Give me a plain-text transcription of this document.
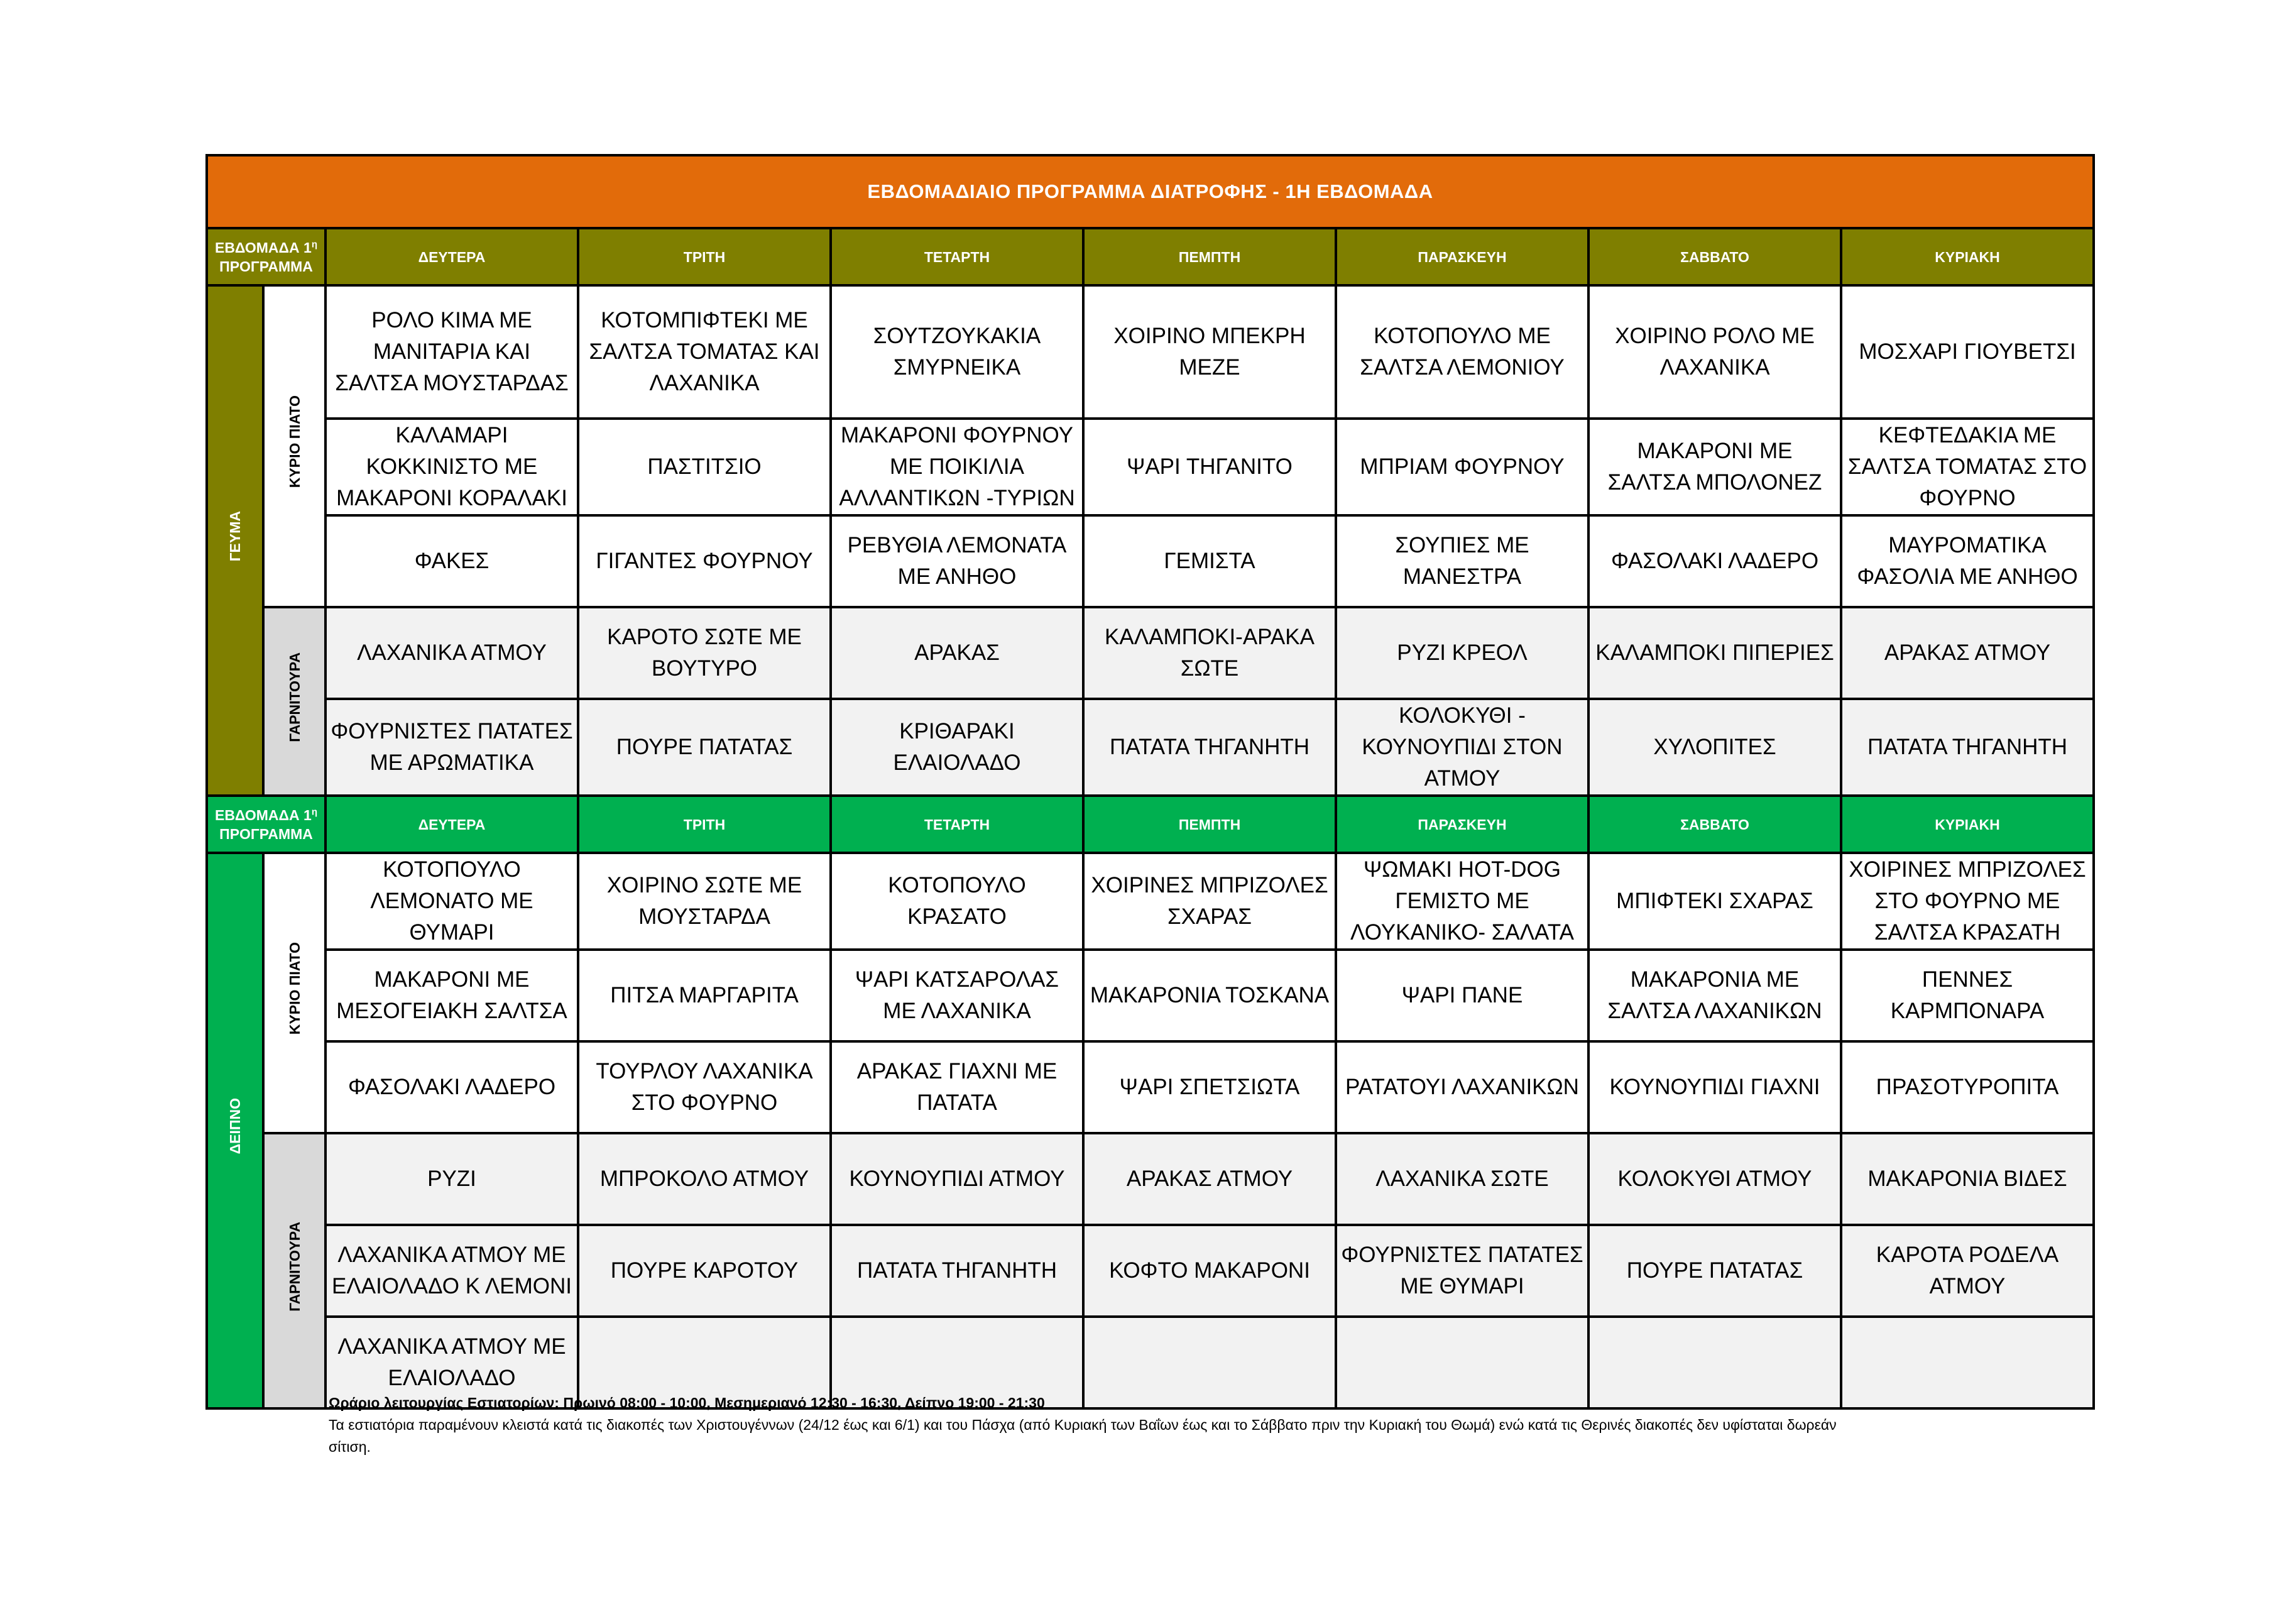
ΕΒΔΟΜΑΔΙΑΙΟ ΠΡΟΓΡΑΜΜΑ ΔΙΑΤΡΟΦΗΣ - 1Η ΕΒΔΟΜΑΔΑ								
ΕΒΔΟΜΑΔΑ $1^\eta$
ΠΡΟΓΡΑΜΜΑ		ΔΕΥΤΕΡΑ	ΤΡΙΤΗ	ΤΕΤΑΡΤΗ	ΠΕΜΠΤΗ	ΠΑΡΑΣΚΕΥΗ	ΣΑΒΒΑΤΟ	ΚΥΡΙΑΚΗ
ΓΕΥΜΑ	ΚΥΡΙΟ ΠΙΑΤΟ	ΡΟΛΟ ΚΙΜΑ ΜΕ ΜΑΝΙΤΑΡΙΑ ΚΑΙ ΣΑΛΤΣΑ ΜΟΥΣΤΑΡΔΑΣ	ΚΟΤΟΜΠΙΦΤΕΚΙ ΜΕ ΣΑΛΤΣΑ ΤΟΜΑΤΑΣ ΚΑΙ ΛΑΧΑΝΙΚΑ	ΣΟΥΤΖΟΥΚΑΚΙΑ ΣΜΥΡΝΕΙΚΑ	ΧΟΙΡΙΝΟ ΜΠΕΚΡΗ ΜΕΖΕ	ΚΟΤΟΠΟΥΛΟ ΜΕ ΣΑΛΤΣΑ ΛΕΜΟΝΙΟΥ	ΧΟΙΡΙΝΟ ΡΟΛΟ ΜΕ ΛΑΧΑΝΙΚΑ	ΜΟΣΧΑΡΙ ΓΙΟΥΒΕΤΣΙ
		ΚΑΛΑΜΑΡΙ ΚΟΚΚΙΝΙΣΤΟ ΜΕ ΜΑΚΑΡΟΝΙ ΚΟΡΑΛΑΚΙ	ΠΑΣΤΙΤΣΙΟ	ΜΑΚΑΡΟΝΙ ΦΟΥΡΝΟΥ ΜΕ ΠΟΙΚΙΛΙΑ ΑΛΛΑΝΤΙΚΩΝ -ΤΥΡΙΩΝ	ΨΑΡΙ ΤΗΓΑΝΙΤΟ	ΜΠΡΙΑΜ ΦΟΥΡΝΟΥ	ΜΑΚΑΡΟΝΙ ΜΕ ΣΑΛΤΣΑ ΜΠΟΛΟΝΕΖ	ΚΕΦΤΕΔΑΚΙΑ ΜΕ ΣΑΛΤΣΑ ΤΟΜΑΤΑΣ ΣΤΟ ΦΟΥΡΝΟ
		ΦΑΚΕΣ	ΓΙΓΑΝΤΕΣ ΦΟΥΡΝΟΥ	ΡΕΒΥΘΙΑ ΛΕΜΟΝΑΤΑ ΜΕ ΑΝΗΘΟ	ΓΕΜΙΣΤΑ	ΣΟΥΠΙΕΣ ΜΕ ΜΑΝΕΣΤΡΑ	ΦΑΣΟΛΑΚΙ ΛΑΔΕΡΟ	ΜΑΥΡΟΜΑΤΙΚΑ ΦΑΣΟΛΙΑ ΜΕ ΑΝΗΘΟ
	ΓΑΡΝΙΤΟΥΡΑ	ΛΑΧΑΝΙΚΑ ΑΤΜΟΥ	ΚΑΡΟΤΟ ΣΩΤΕ ΜΕ ΒΟΥΤΥΡΟ	ΑΡΑΚΑΣ	ΚΑΛΑΜΠΟΚΙ-ΑΡΑΚΑ ΣΩΤΕ	ΡΥΖΙ ΚΡΕΟΛ	ΚΑΛΑΜΠΟΚΙ ΠΙΠΕΡΙΕΣ	ΑΡΑΚΑΣ ΑΤΜΟΥ
		ΦΟΥΡΝΙΣΤΕΣ ΠΑΤΑΤΕΣ ΜΕ ΑΡΩΜΑΤΙΚΑ	ΠΟΥΡΕ ΠΑΤΑΤΑΣ	ΚΡΙΘΑΡΑΚΙ ΕΛΑΙΟΛΑΔΟ	ΠΑΤΑΤΑ ΤΗΓΑΝΗΤΗ	ΚΟΛΟΚΥΘΙ - ΚΟΥΝΟΥΠΙΔΙ ΣΤΟΝ ΑΤΜΟΥ	ΧΥΛΟΠΙΤΕΣ	ΠΑΤΑΤΑ ΤΗΓΑΝΗΤΗ
ΕΒΔΟΜΑΔΑ $1^\eta$
ΠΡΟΓΡΑΜΜΑ		ΔΕΥΤΕΡΑ	ΤΡΙΤΗ	ΤΕΤΑΡΤΗ	ΠΕΜΠΤΗ	ΠΑΡΑΣΚΕΥΗ	ΣΑΒΒΑΤΟ	ΚΥΡΙΑΚΗ
ΔΕΙΠΝΟ	ΚΥΡΙΟ ΠΙΑΤΟ	ΚΟΤΟΠΟΥΛΟ ΛΕΜΟΝΑΤΟ ΜΕ ΘΥΜΑΡΙ	ΧΟΙΡΙΝΟ ΣΩΤΕ ΜΕ ΜΟΥΣΤΑΡΔΑ	ΚΟΤΟΠΟΥΛΟ ΚΡΑΣΑΤΟ	ΧΟΙΡΙΝΕΣ ΜΠΡΙΖΟΛΕΣ ΣΧΑΡΑΣ	ΨΩΜΑΚΙ HOT-DOG ΓΕΜΙΣΤΟ ΜΕ ΛΟΥΚΑΝΙΚΟ- ΣΑΛΑΤΑ	ΜΠΙΦΤΕΚΙ ΣΧΑΡΑΣ	ΧΟΙΡΙΝΕΣ ΜΠΡΙΖΟΛΕΣ ΣΤΟ ΦΟΥΡΝΟ ΜΕ ΣΑΛΤΣΑ ΚΡΑΣΑΤΗ
		ΜΑΚΑΡΟΝΙ ΜΕ ΜΕΣΟΓΕΙΑΚΗ ΣΑΛΤΣΑ	ΠΙΤΣΑ ΜΑΡΓΑΡΙΤΑ	ΨΑΡΙ ΚΑΤΣΑΡΟΛΑΣ ΜΕ ΛΑΧΑΝΙΚΑ	ΜΑΚΑΡΟΝΙΑ ΤΟΣΚΑΝΑ	ΨΑΡΙ ΠΑΝΕ	ΜΑΚΑΡΟΝΙΑ ΜΕ ΣΑΛΤΣΑ ΛΑΧΑΝΙΚΩΝ	ΠΕΝΝΕΣ ΚΑΡΜΠΟΝΑΡΑ
		ΦΑΣΟΛΑΚΙ ΛΑΔΕΡΟ	ΤΟΥΡΛΟΥ ΛΑΧΑΝΙΚΑ ΣΤΟ ΦΟΥΡΝΟ	ΑΡΑΚΑΣ ΓΙΑΧΝΙ ΜΕ ΠΑΤΑΤΑ	ΨΑΡΙ ΣΠΕΤΣΙΩΤΑ	ΡΑΤΑΤΟΥΙ ΛΑΧΑΝΙΚΩΝ	ΚΟΥΝΟΥΠΙΔΙ ΓΙΑΧΝΙ	ΠΡΑΣΟΤΥΡΟΠΙΤΑ
	ΓΑΡΝΙΤΟΥΡΑ	ΡΥΖΙ	ΜΠΡΟΚΟΛΟ ΑΤΜΟΥ	ΚΟΥΝΟΥΠΙΔΙ ΑΤΜΟΥ	ΑΡΑΚΑΣ ΑΤΜΟΥ	ΛΑΧΑΝΙΚΑ ΣΩΤΕ	ΚΟΛΟΚΥΘΙ ΑΤΜΟΥ	ΜΑΚΑΡΟΝΙΑ ΒΙΔΕΣ
		ΛΑΧΑΝΙΚΑ ΑΤΜΟΥ ΜΕ ΕΛΑΙΟΛΑΔΟ Κ ΛΕΜΟΝΙ	ΠΟΥΡΕ ΚΑΡΟΤΟΥ	ΠΑΤΑΤΑ ΤΗΓΑΝΗΤΗ	ΚΟΦΤΟ ΜΑΚΑΡΟΝΙ	ΦΟΥΡΝΙΣΤΕΣ ΠΑΤΑΤΕΣ ΜΕ ΘΥΜΑΡΙ	ΠΟΥΡΕ ΠΑΤΑΤΑΣ	ΚΑΡΟΤΑ ΡΟΔΕΛΑ ΑΤΜΟΥ
		ΛΑΧΑΝΙΚΑ ΑΤΜΟΥ ΜΕ ΕΛΑΙΟΛΑΔΟ						
Ωράριο λειτουργίας Εστιατορίων: Πρωινό 08:00 - 10:00, Μεσημεριανό 12:30 - 16:30, Δείπνο 19:00 - 21:30
Τα εστιατόρια παραμένουν κλειστά κατά τις διακοπές των Χριστουγέννων (24/12 έως και 6/1) και του Πάσχα (από Κυριακή των Βαΐων έως και το Σάββατο πριν την Κυριακή του Θωμά) ενώ κατά τις Θερινές διακοπές δεν υφίσταται δωρεάν σίτιση.
